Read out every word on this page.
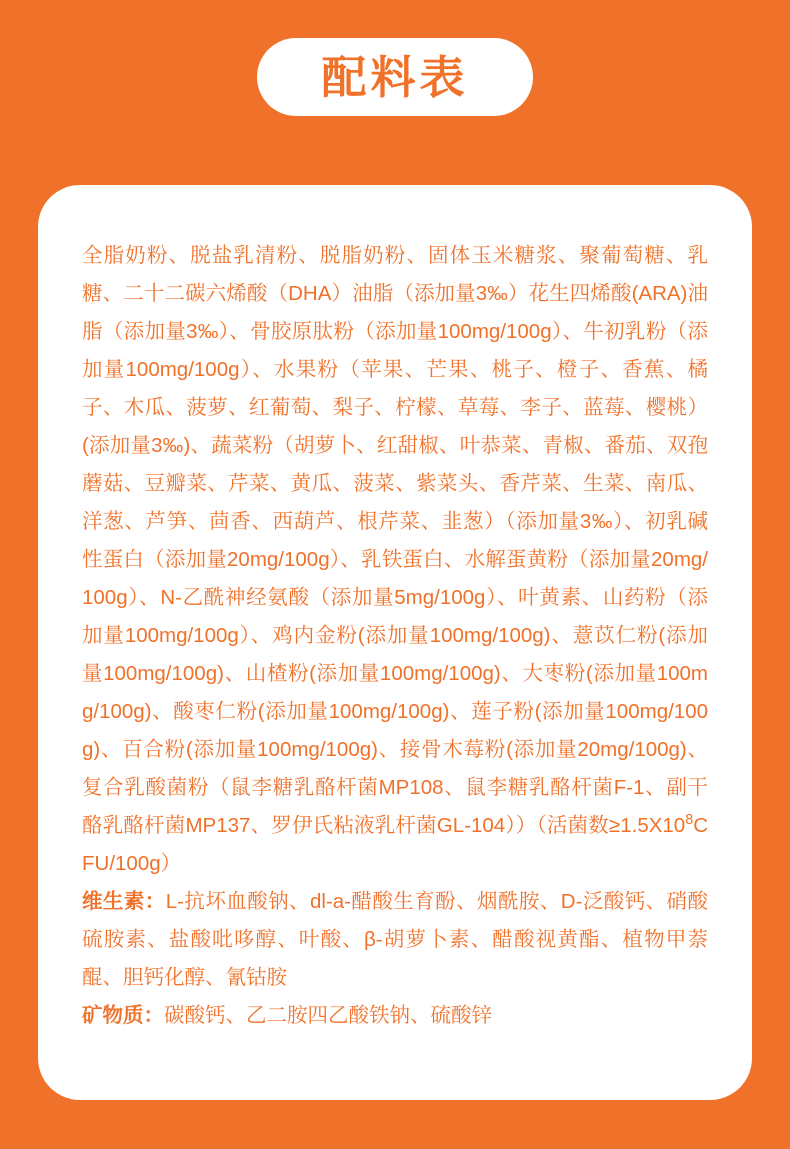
配料表

全脂奶粉、脱盐乳清粉、脱脂奶粉、固体玉米糖浆、聚葡萄糖、乳糖、二十二碳六烯酸（DHA）油脂（添加量3‰）花生四烯酸(ARA)油脂（添加量3‰）、骨胶原肽粉（添加量100mg/100g）、牛初乳粉（添加量100mg/100g）、水果粉（苹果、芒果、桃子、橙子、香蕉、橘子、木瓜、菠萝、红葡萄、梨子、柠檬、草莓、李子、蓝莓、樱桃）(添加量3‰)、蔬菜粉（胡萝卜、红甜椒、叶恭菜、青椒、番茄、双孢蘑菇、豆瓣菜、芹菜、黄瓜、菠菜、紫菜头、香芹菜、生菜、南瓜、洋葱、芦笋、茴香、西葫芦、根芹菜、韭葱）（添加量3‰）、初乳碱性蛋白（添加量20mg/100g）、乳铁蛋白、水解蛋黄粉（添加量20mg/100g）、N-乙酰神经氨酸（添加量5mg/100g）、叶黄素、山药粉（添加量100mg/100g）、鸡内金粉(添加量100mg/100g)、薏苡仁粉(添加量100mg/100g)、山楂粉(添加量100mg/100g)、大枣粉(添加量100mg/100g)、酸枣仁粉(添加量100mg/100g)、莲子粉(添加量100mg/100g)、百合粉(添加量100mg/100g)、接骨木莓粉(添加量20mg/100g)、复合乳酸菌粉（鼠李糖乳酪杆菌MP108、鼠李糖乳酪杆菌F-1、副干酪乳酪杆菌MP137、罗伊氏粘液乳杆菌GL-104））（活菌数$\ge 1.5X10^8CFU/100g$）

维生素：L-抗坏血酸钠、dl-a-醋酸生育酚、烟酰胺、D-泛酸钙、硝酸硫胺素、盐酸吡哆醇、叶酸、β-胡萝卜素、醋酸视黄酯、植物甲萘醌、胆钙化醇、氰钴胺

矿物质：碳酸钙、乙二胺四乙酸铁钠、硫酸锌
